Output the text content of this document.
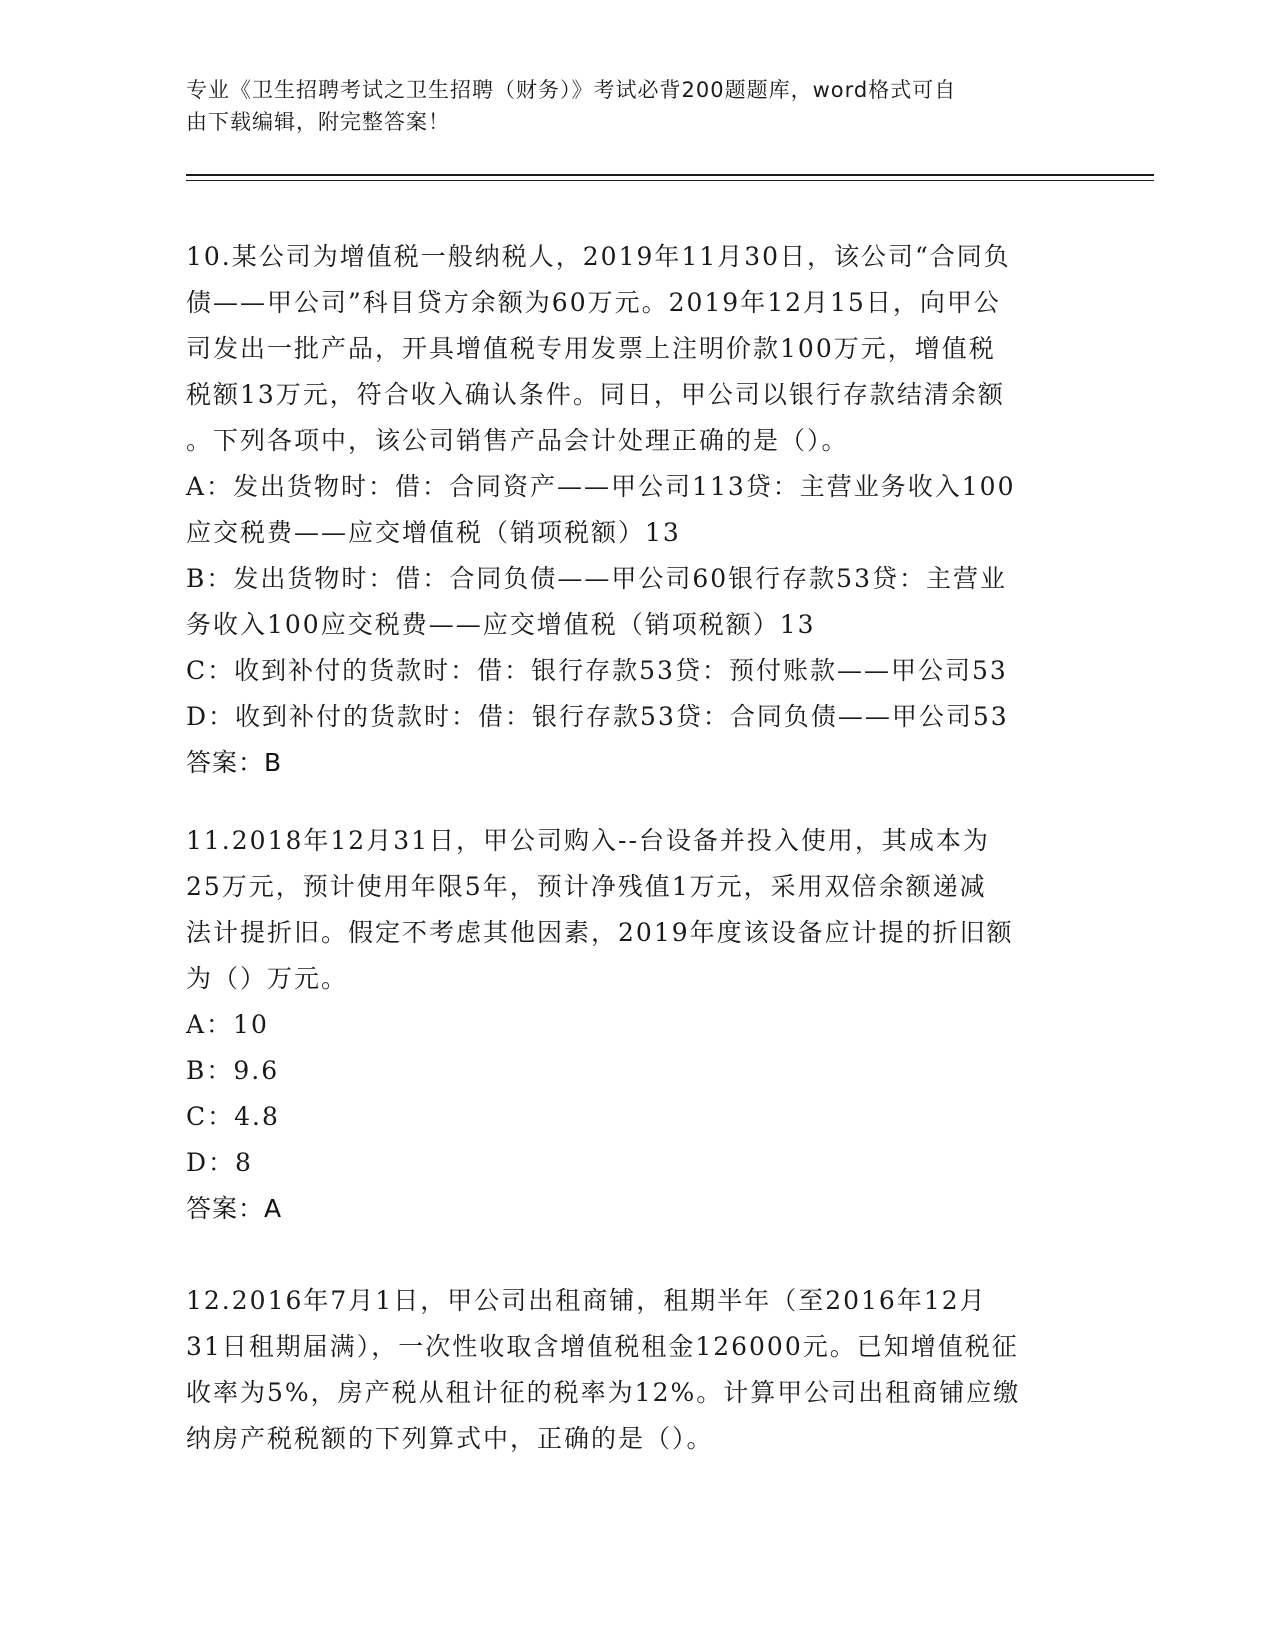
专业《卫生招聘考试之卫生招聘（财务）》考试必背200题题库，word格式可自
由下载编辑，附完整答案！

10.某公司为增值税一般纳税人，2019年11月30日，该公司“合同负

债——甲公司”科目贷方余额为60万元。2019年12月15日，向甲公

司发出一批产品，开具增值税专用发票上注明价款100万元，增值税

税额13万元，符合收入确认条件。同日，甲公司以银行存款结清余额

。下列各项中，该公司销售产品会计处理正确的是（）。

A：发出货物时：借：合同资产——甲公司113贷：主营业务收入100

应交税费——应交增值税（销项税额）13

B：发出货物时：借：合同负债——甲公司60银行存款53贷：主营业

务收入100应交税费——应交增值税（销项税额）13

C：收到补付的货款时：借：银行存款53贷：预付账款——甲公司53

D：收到补付的货款时：借：银行存款53贷：合同负债——甲公司53

答案：B

11.2018年12月31日，甲公司购入--台设备并投入使用，其成本为

25万元，预计使用年限5年，预计净残值1万元，采用双倍余额递减

法计提折旧。假定不考虑其他因素，2019年度该设备应计提的折旧额

为（）万元。

A：10

B：9.6

C：4.8

D：8

答案：A

12.2016年7月1日，甲公司出租商铺，租期半年（至2016年12月

31日租期届满），一次性收取含增值税租金126000元。已知增值税征

收率为5%，房产税从租计征的税率为12%。计算甲公司出租商铺应缴

纳房产税税额的下列算式中，正确的是（）。
